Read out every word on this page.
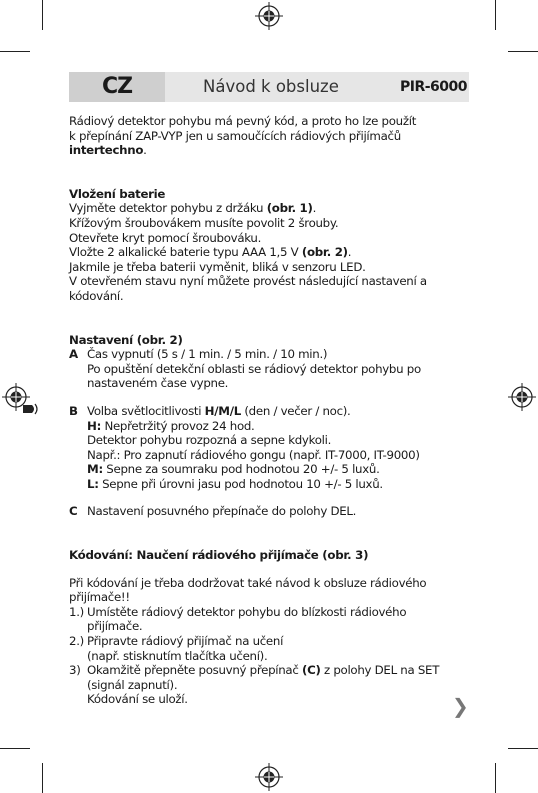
CZ	Návod k obsluze	PIR-6000

Rádiový detektor pohybu má pevný kód, a proto ho lze použít

k přepínání ZAP-VYP jen u samoučících rádiových přijímačů

intertechno.

Vložení baterie

Vyjměte detektor pohybu z držáku (obr. 1).

Křížovým šroubovákem musíte povolit 2 šrouby.

Otevřete kryt pomocí šroubováku.

Vložte 2 alkalické baterie typu AAA 1,5 V (obr. 2).

Jakmile je třeba baterii vyměnit, bliká v senzoru LED.

V otevřeném stavu nyní můžete provést následující nastavení a

kódování.

Nastavení (obr. 2)

A Čas vypnutí (5 s / 1 min. / 5 min. / 10 min.)

Po opuštění detekční oblasti se rádiový detektor pohybu po

nastaveném čase vypne.

B Volba světlocitlivosti H/M/L (den / večer / noc).

H: Nepřetržitý provoz 24 hod.

Detektor pohybu rozpozná a sepne kdykoli.

Např.: Pro zapnutí rádiového gongu (např. IT-7000, IT-9000)

M: Sepne za soumraku pod hodnotou 20 +/- 5 luxů.

L: Sepne při úrovni jasu pod hodnotou 10 +/- 5 luxů.

C Nastavení posuvného přepínače do polohy DEL.

Kódování: Naučení rádiového přijímače (obr. 3)

Při kódování je třeba dodržovat také návod k obsluze rádiového

přijímače!!

1.) Umístěte rádiový detektor pohybu do blízkosti rádiového

přijímače.

2.) Připravte rádiový přijímač na učení

(např. stisknutím tlačítka učení).

3) Okamžitě přepněte posuvný přepínač (C) z polohy DEL na SET

(signál zapnutí).

Kódování se uloží.	❯
